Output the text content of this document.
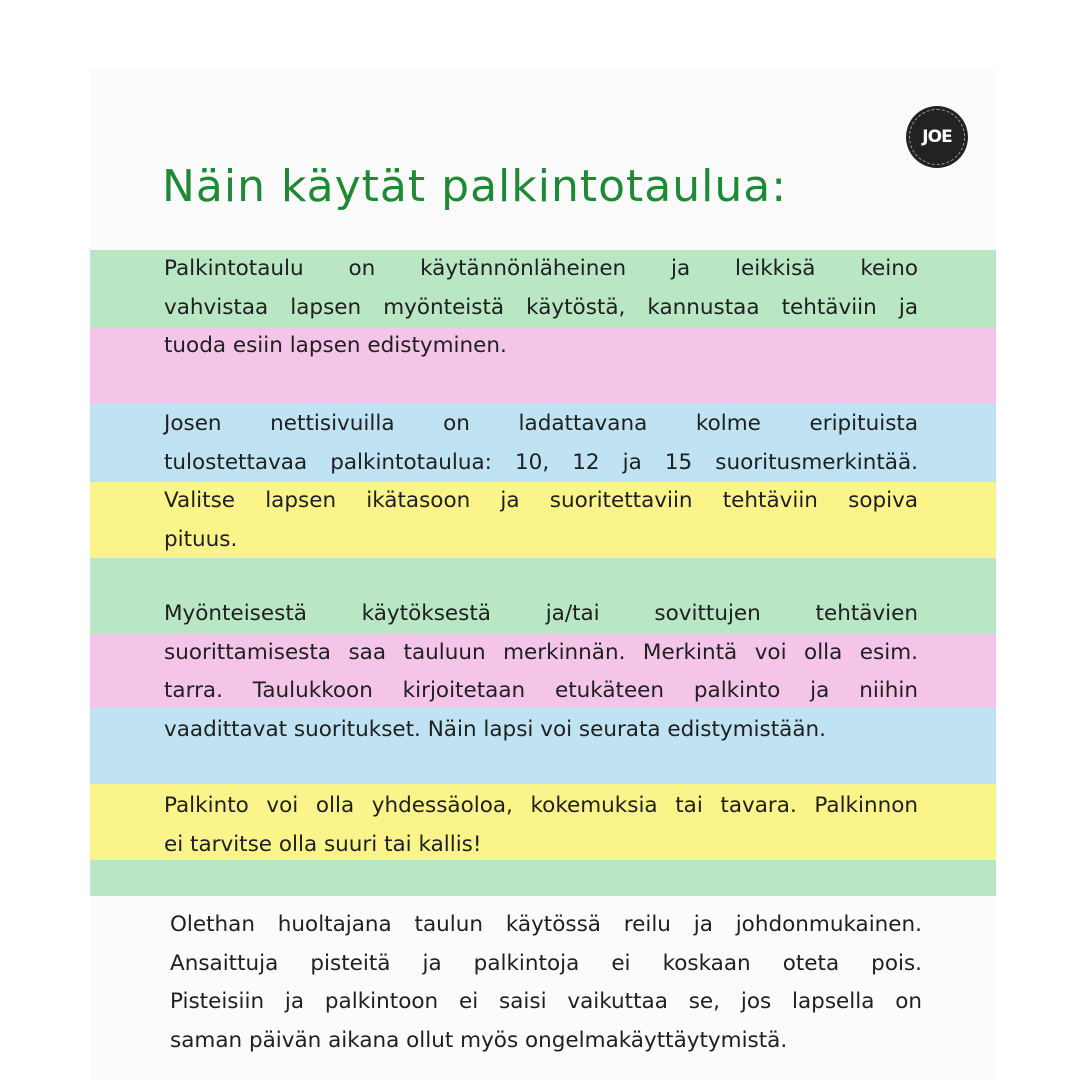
JOE
Näin käytät palkintotaulua:

Palkintotaulu on käytännönläheinen ja leikkisä keino
vahvistaa lapsen myönteistä käytöstä, kannustaa tehtäviin ja
tuoda esiin lapsen edistyminen.

Josen nettisivuilla on ladattavana kolme eripituista
tulostettavaa palkintotaulua: 10, 12 ja 15 suoritusmerkintää.
Valitse lapsen ikätasoon ja suoritettaviin tehtäviin sopiva
pituus.

Myönteisestä käytöksestä ja/tai sovittujen tehtävien
suorittamisesta saa tauluun merkinnän. Merkintä voi olla esim.
tarra. Taulukkoon kirjoitetaan etukäteen palkinto ja niihin
vaadittavat suoritukset. Näin lapsi voi seurata edistymistään.

Palkinto voi olla yhdessäoloa, kokemuksia tai tavara. Palkinnon
ei tarvitse olla suuri tai kallis!

Olethan huoltajana taulun käytössä reilu ja johdonmukainen.
Ansaittuja pisteitä ja palkintoja ei koskaan oteta pois.
Pisteisiin ja palkintoon ei saisi vaikuttaa se, jos lapsella on
saman päivän aikana ollut myös ongelmakäyttäytymistä.
